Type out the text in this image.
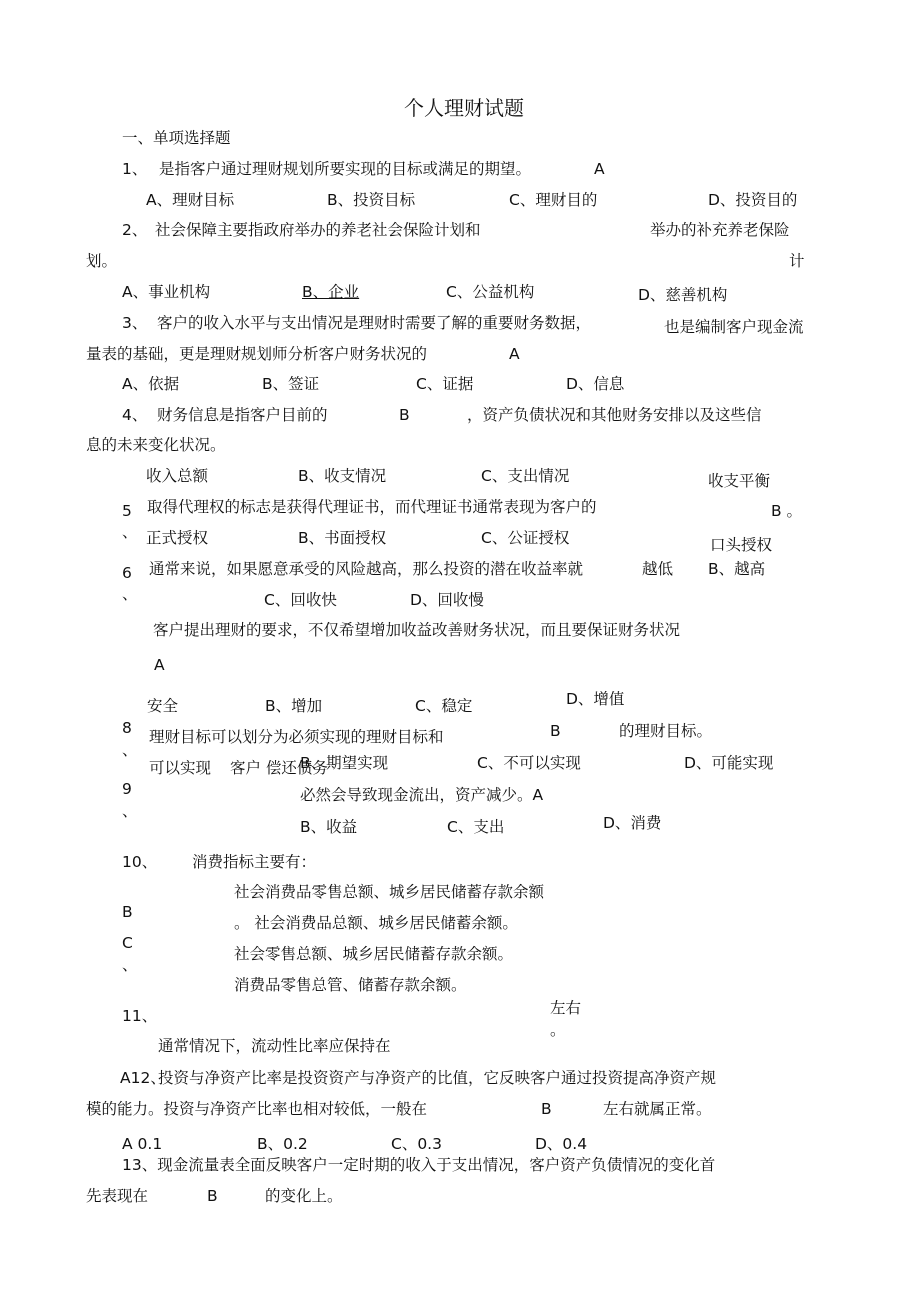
个人理财试题
一、单项选择题
1、 是指客户通过理财规划所要实现的目标或满足的期望。	A
A、理财目标	B、投资目标	C、理财目的	D、投资目的
2、 社会保障主要指政府举办的养老社会保险计划和	举办的补充养老保险
划。	计
A、事业机构	B、企业	C、公益机构	D、慈善机构
3、 客户的收入水平与支出情况是理财时需要了解的重要财务数据，	也是编制客户现金流
量表的基础，更是理财规划师分析客户财务状况的	A
A、依据	B、签证	C、证据	D、信息
4、 财务信息是指客户目前的	B	，资产负债状况和其他财务安排以及这些信
息的未来变化状况。
收入总额	B、收支情况	C、支出情况	收支平衡
5
、
取得代理权的标志是获得代理证书，而代理证书通常表现为客户的	B 。
正式授权	B、书面授权	C、公证授权	口头授权
6
、
通常来说，如果愿意承受的风险越高，那么投资的潜在收益率就	越低 B、越高
C、回收快	D、回收慢
客户提出理财的要求，不仅希望增加收益改善财务状况，而且要保证财务状况
A
安全	B、增加	C、稳定	D、增值
8
、
理财目标可以划分为必须实现的理财目标和	B	的理财目标。
可以实现	B、期望实现	C、不可以实现	D、可能实现
9
、
客户 偿还债务
必然会导致现金流出，资产减少。A
B、收益	C、支出	D、消费
10、 消费指标主要有：
社会消费品零售总额、城乡居民储蓄存款余额
B
。 社会消费品总额、城乡居民储蓄余额。
C
、
社会零售总额、城乡居民储蓄存款余额。
消费品零售总管、储蓄存款余额。
11、	左右
。
通常情况下，流动性比率应保持在
A12、
投资与净资产比率是投资资产与净资产的比值，它反映客户通过投资提高净资产规
模的能力。投资与净资产比率也相对较低，一般在	B	左右就属正常。
A 0.1	B、0.2	C、0.3	D、0.4
13、现金流量表全面反映客户一定时期的收入于支出情况，客户资产负债情况的变化首
先表现在	B	的变化上。
